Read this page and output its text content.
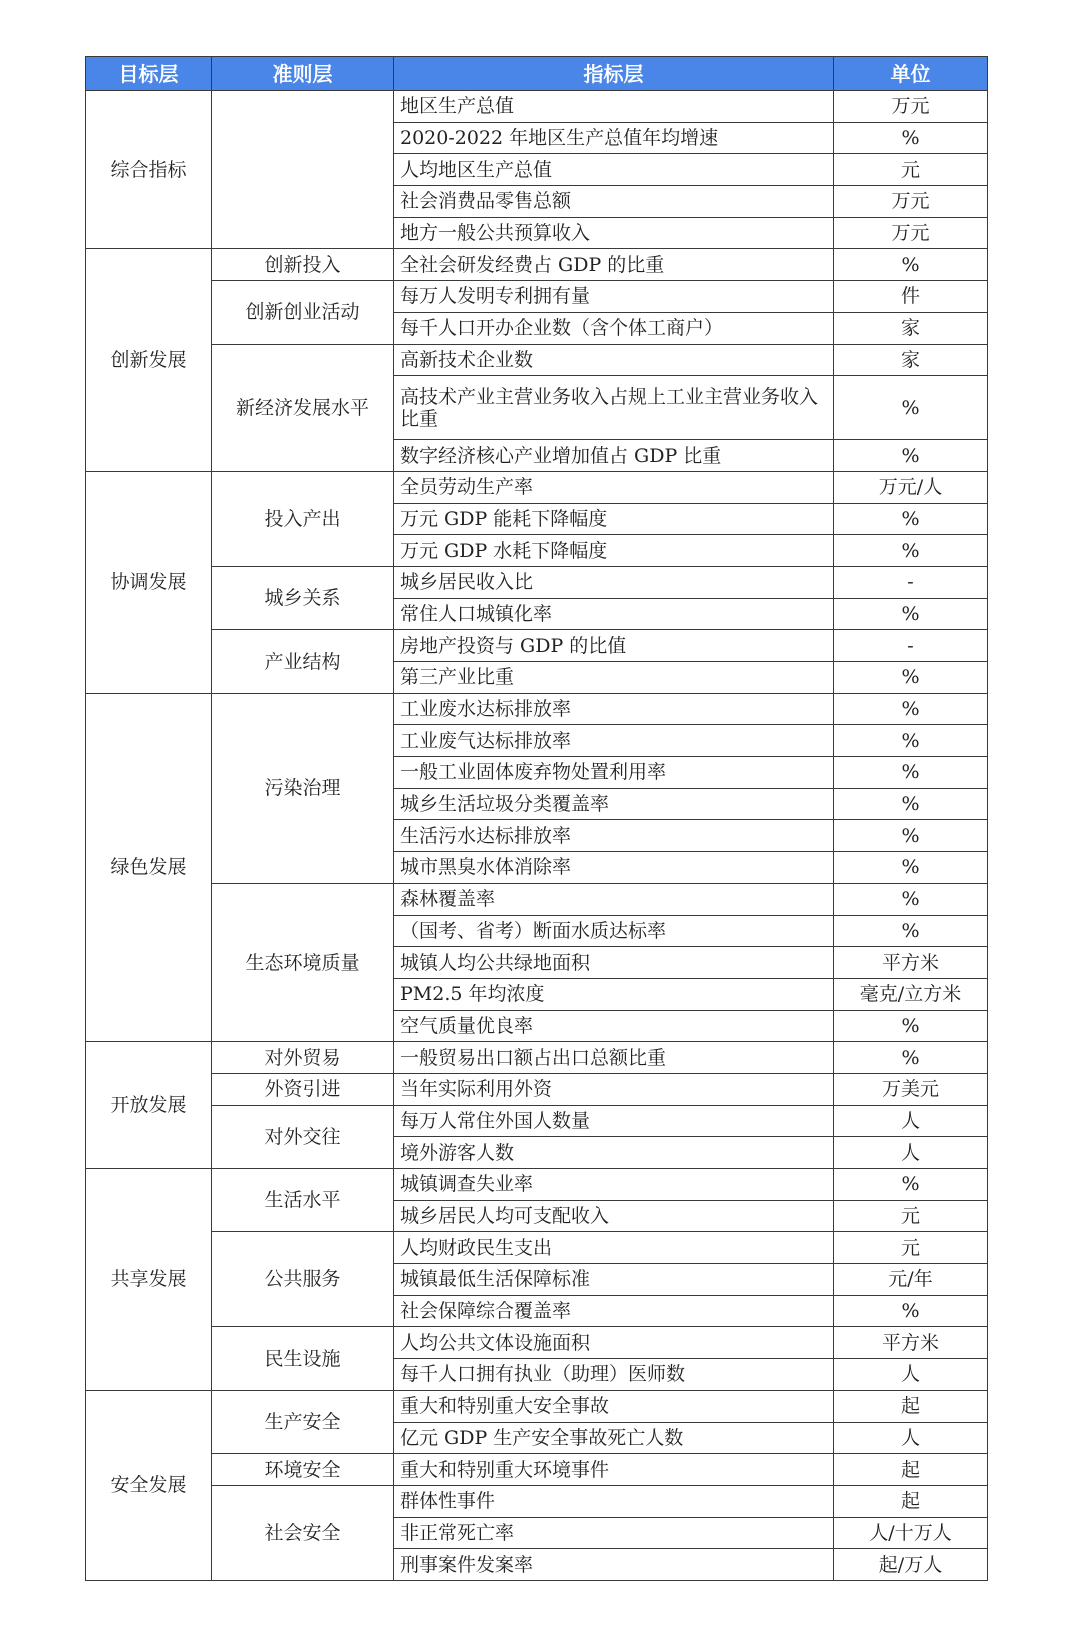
目标层	准则层	指标层	单位
综合指标		地区生产总值	万元
		2020-2022 年地区生产总值年均增速	%
		人均地区生产总值	元
		社会消费品零售总额	万元
		地方一般公共预算收入	万元
创新发展	创新投入	全社会研发经费占 GDP 的比重	%
	创新创业活动	每万人发明专利拥有量	件
		每千人口开办企业数（含个体工商户）	家
	新经济发展水平	高新技术企业数	家
		高技术产业主营业务收入占规上工业主营业务收入比重	%
		数字经济核心产业增加值占 GDP 比重	%
协调发展	投入产出	全员劳动生产率	万元/人
		万元 GDP 能耗下降幅度	%
		万元 GDP 水耗下降幅度	%
	城乡关系	城乡居民收入比	-
		常住人口城镇化率	%
	产业结构	房地产投资与 GDP 的比值	-
		第三产业比重	%
绿色发展	污染治理	工业废水达标排放率	%
		工业废气达标排放率	%
		一般工业固体废弃物处置利用率	%
		城乡生活垃圾分类覆盖率	%
		生活污水达标排放率	%
		城市黑臭水体消除率	%
	生态环境质量	森林覆盖率	%
		（国考、省考）断面水质达标率	%
		城镇人均公共绿地面积	平方米
		PM2.5 年均浓度	毫克/立方米
		空气质量优良率	%
开放发展	对外贸易	一般贸易出口额占出口总额比重	%
	外资引进	当年实际利用外资	万美元
	对外交往	每万人常住外国人数量	人
		境外游客人数	人
共享发展	生活水平	城镇调查失业率	%
		城乡居民人均可支配收入	元
	公共服务	人均财政民生支出	元
		城镇最低生活保障标准	元/年
		社会保障综合覆盖率	%
	民生设施	人均公共文体设施面积	平方米
		每千人口拥有执业（助理）医师数	人
安全发展	生产安全	重大和特别重大安全事故	起
		亿元 GDP 生产安全事故死亡人数	人
	环境安全	重大和特别重大环境事件	起
	社会安全	群体性事件	起
		非正常死亡率	人/十万人
		刑事案件发案率	起/万人
